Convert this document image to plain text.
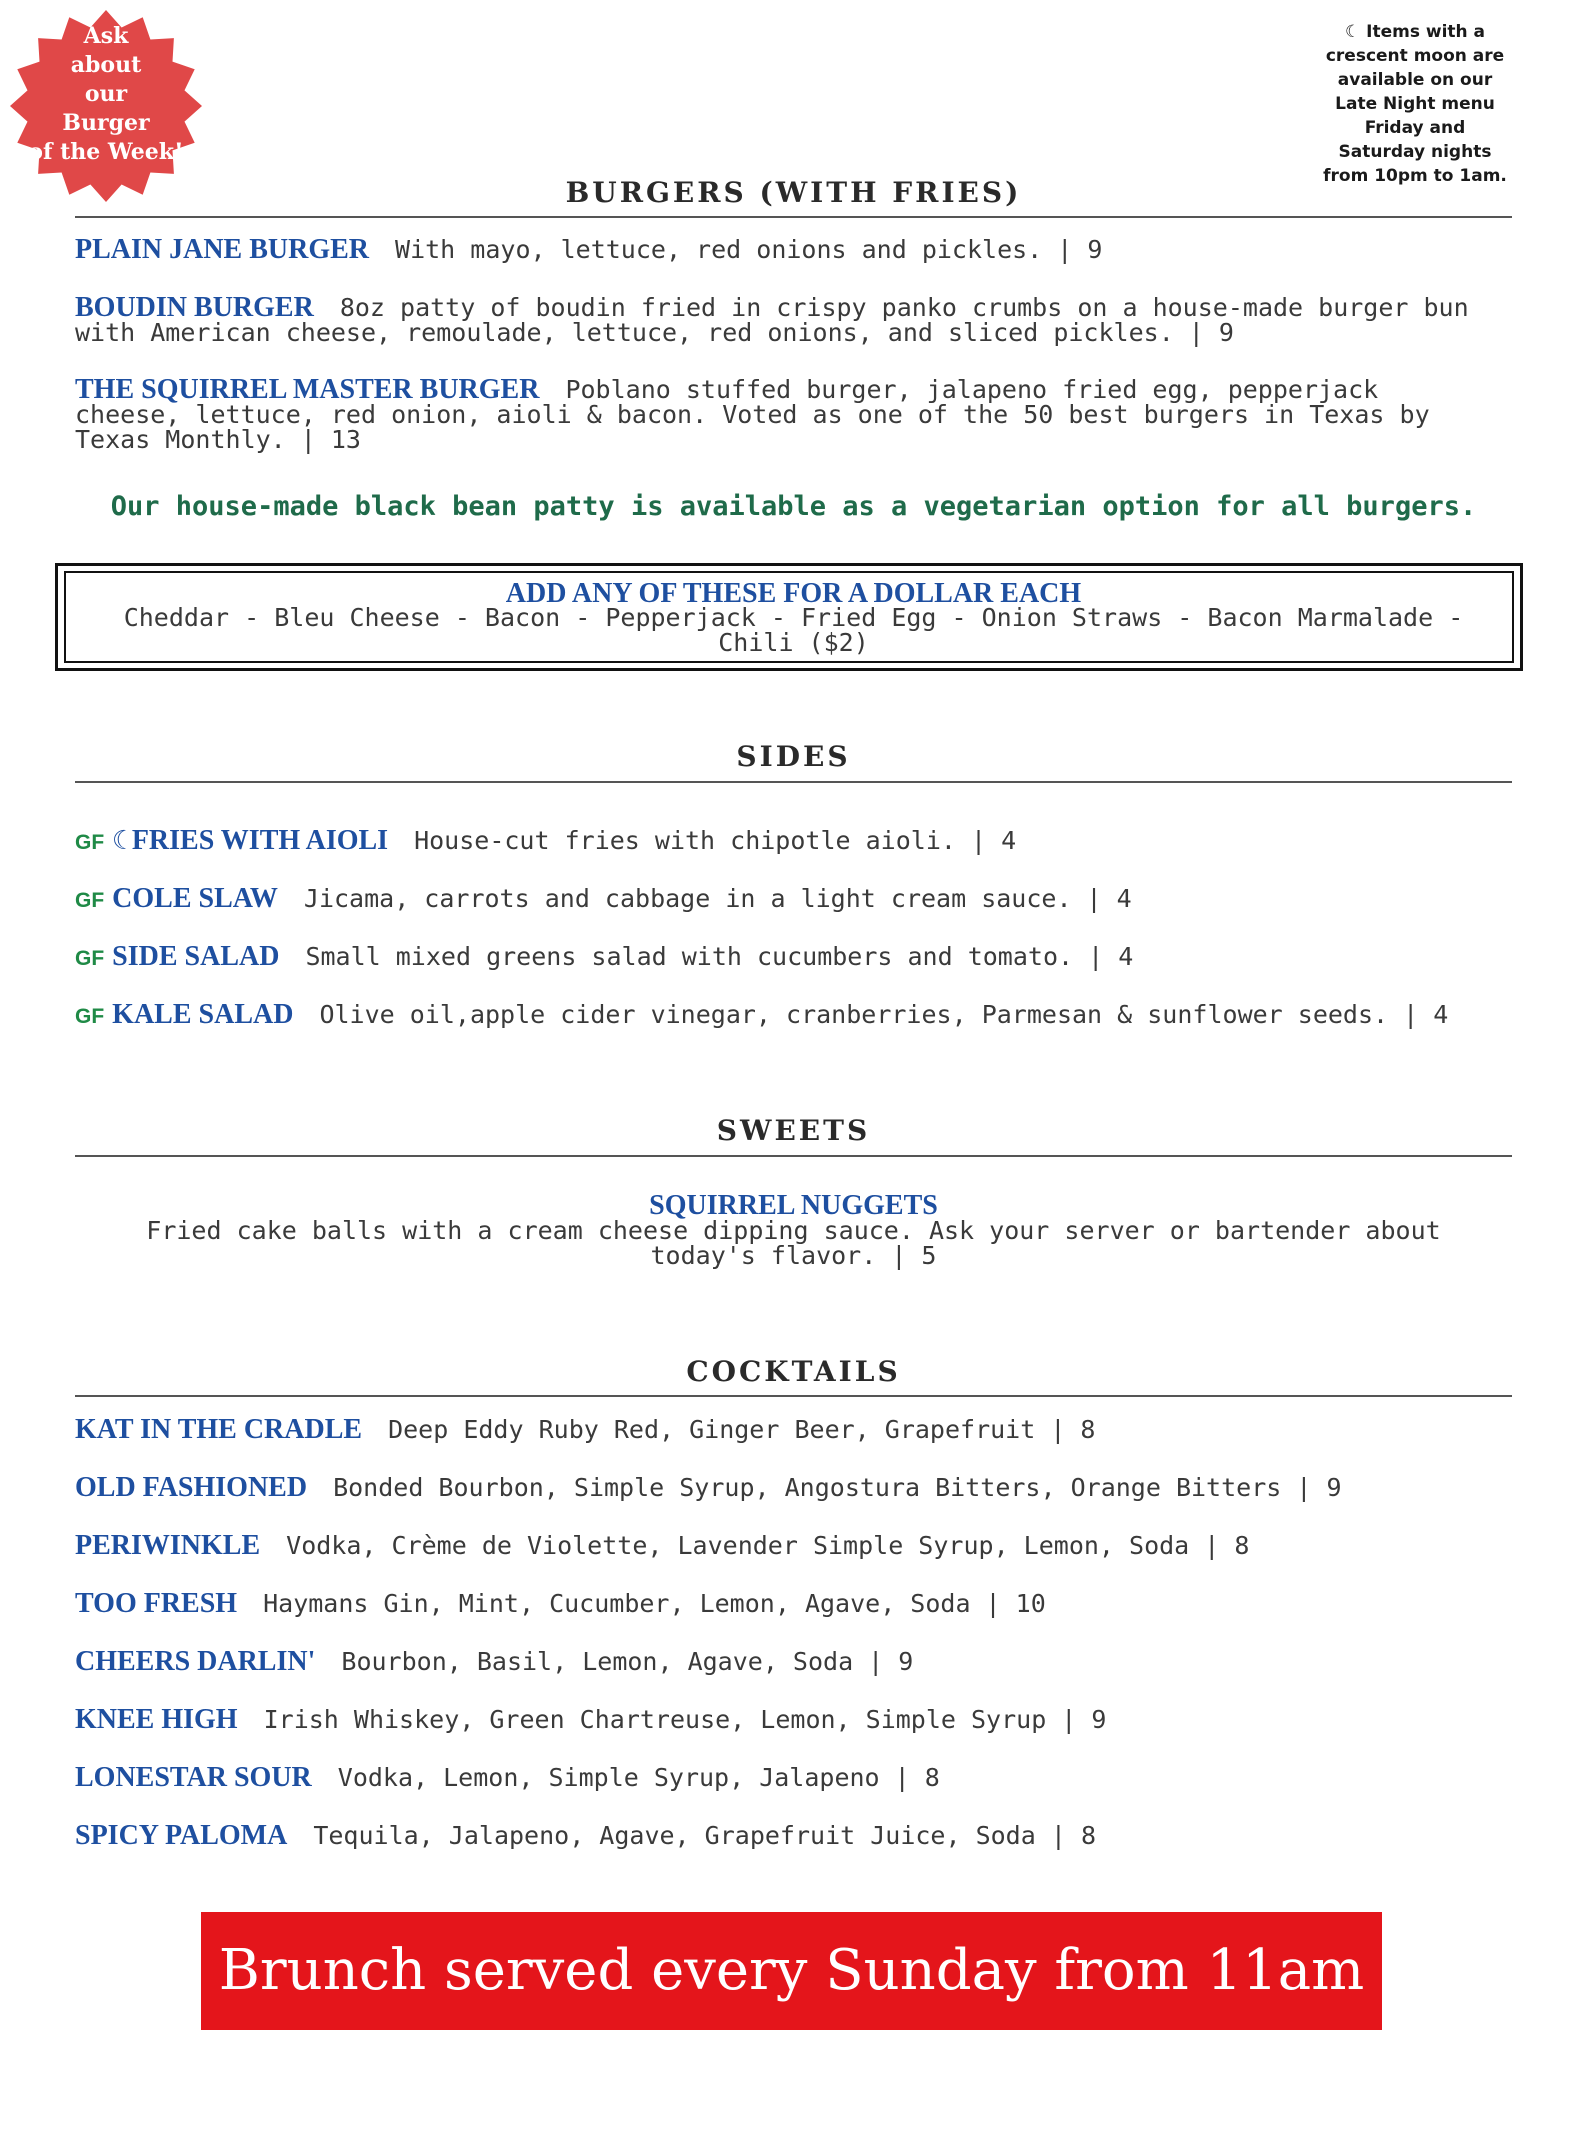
Ask
about
our
Burger
of the Week!
☾ Items with a
crescent moon are
available on our
Late Night menu
Friday and
Saturday nights
from 10pm to 1am.
BURGERS (WITH FRIES)
PLAIN JANE BURGER With mayo, lettuce, red onions and pickles. | 9
BOUDIN BURGER 8oz patty of boudin fried in crispy panko crumbs on a house-made burger bun with American cheese, remoulade, lettuce, red onions, and sliced pickles. | 9
THE SQUIRREL MASTER BURGER Poblano stuffed burger, jalapeno fried egg, pepperjack cheese, lettuce, red onion, aioli & bacon. Voted as one of the 50 best burgers in Texas by Texas Monthly. | 13
Our house-made black bean patty is available as a vegetarian option for all burgers.
ADD ANY OF THESE FOR A DOLLAR EACH
Cheddar - Bleu Cheese - Bacon - Pepperjack - Fried Egg - Onion Straws - Bacon Marmalade - Chili ($2)
SIDES
GF ☾ FRIES WITH AIOLI House-cut fries with chipotle aioli. | 4
GF COLE SLAW Jicama, carrots and cabbage in a light cream sauce. | 4
GF SIDE SALAD Small mixed greens salad with cucumbers and tomato. | 4
GF KALE SALAD Olive oil,apple cider vinegar, cranberries, Parmesan & sunflower seeds. | 4
SWEETS
SQUIRREL NUGGETS
Fried cake balls with a cream cheese dipping sauce. Ask your server or bartender about today's flavor. | 5
COCKTAILS
KAT IN THE CRADLE Deep Eddy Ruby Red, Ginger Beer, Grapefruit | 8
OLD FASHIONED Bonded Bourbon, Simple Syrup, Angostura Bitters, Orange Bitters | 9
PERIWINKLE Vodka, Crème de Violette, Lavender Simple Syrup, Lemon, Soda | 8
TOO FRESH Haymans Gin, Mint, Cucumber, Lemon, Agave, Soda | 10
CHEERS DARLIN' Bourbon, Basil, Lemon, Agave, Soda | 9
KNEE HIGH Irish Whiskey, Green Chartreuse, Lemon, Simple Syrup | 9
LONESTAR SOUR Vodka, Lemon, Simple Syrup, Jalapeno | 8
SPICY PALOMA Tequila, Jalapeno, Agave, Grapefruit Juice, Soda | 8
Brunch served every Sunday from 11am to 3pm.
